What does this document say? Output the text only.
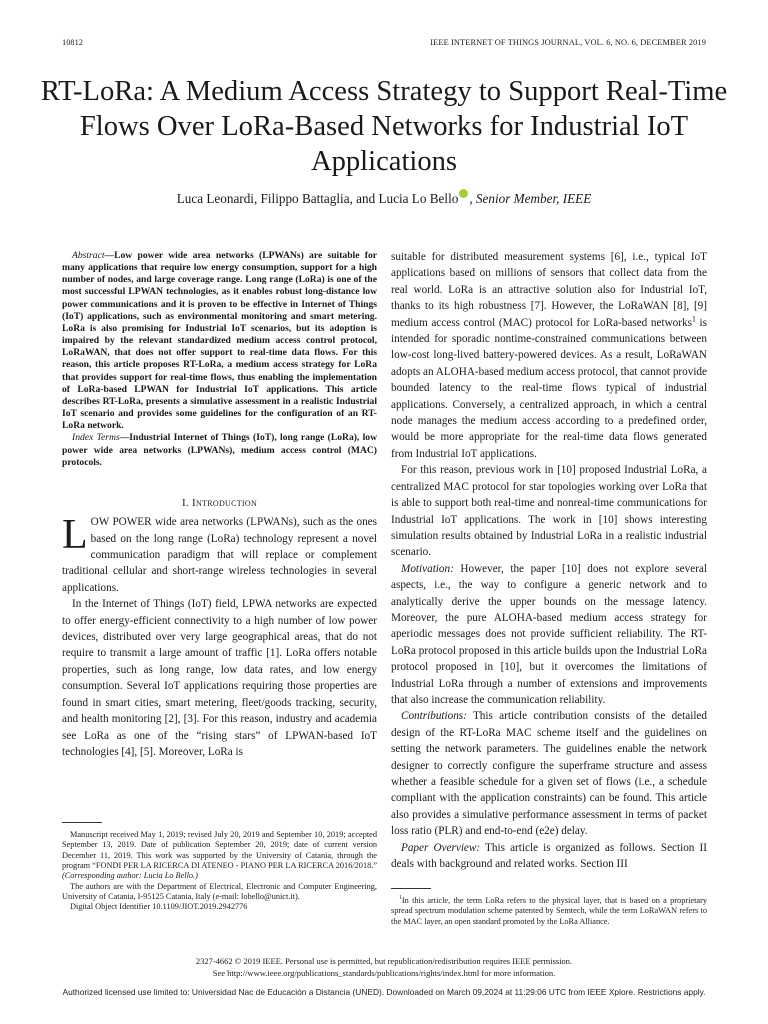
10812	IEEE INTERNET OF THINGS JOURNAL, VOL. 6, NO. 6, DECEMBER 2019
RT-LoRa: A Medium Access Strategy to Support Real-Time Flows Over LoRa-Based Networks for Industrial IoT Applications
Luca Leonardi, Filippo Battaglia, and Lucia Lo Bello , Senior Member, IEEE

Abstract—Low power wide area networks (LPWANs) are suitable for many applications that require low energy consumption, support for a high number of nodes, and large coverage range. Long range (LoRa) is one of the most successful LPWAN technologies, as it enables robust long-distance low power communications and it is proven to be effective in Internet of Things (IoT) applications, such as environmental monitoring and smart metering. LoRa is also promising for Industrial IoT scenarios, but its adoption is impaired by the relevant standardized medium access control protocol, LoRaWAN, that does not offer support to real-time data flows. For this reason, this article proposes RT-LoRa, a medium access strategy for LoRa that provides support for real-time flows, thus enabling the implementation of LoRa-based LPWAN for Industrial IoT applications. This article describes RT-LoRa, presents a simulative assessment in a realistic Industrial IoT scenario and provides some guidelines for the configuration of an RT-LoRa network.

Index Terms—Industrial Internet of Things (IoT), long range (LoRa), low power wide area networks (LPWANs), medium access control (MAC) protocols.

I. Introduction

LOW POWER wide area networks (LPWANs), such as the ones based on the long range (LoRa) technology represent a novel communication paradigm that will replace or complement traditional cellular and short-range wireless technologies in several applications.

In the Internet of Things (IoT) field, LPWA networks are expected to offer energy-efficient connectivity to a high number of low power devices, distributed over very large geographical areas, that do not require to transmit a large amount of traffic [1]. LoRa offers notable properties, such as long range, low data rates, and low energy consumption. Several IoT applications requiring those properties are found in smart cities, smart metering, fleet/goods tracking, security, and health monitoring [2], [3]. For this reason, industry and academia see LoRa as one of the “rising stars” of LPWAN-based IoT technologies [4], [5]. Moreover, LoRa is

Manuscript received May 1, 2019; revised July 20, 2019 and September 10, 2019; accepted September 13, 2019. Date of publication September 20, 2019; date of current version December 11, 2019. This work was supported by the University of Catania, through the program “FONDI PER LA RICERCA DI ATENEO - PIANO PER LA RICERCA 2016/2018.” (Corresponding author: Lucia Lo Bello.)

The authors are with the Department of Electrical, Electronic and Computer Engineering, University of Catania, I-95125 Catania, Italy (e-mail: lobello@unict.it).

Digital Object Identifier 10.1109/JIOT.2019.2942776

suitable for distributed measurement systems [6], i.e., typical IoT applications based on millions of sensors that collect data from the real world. LoRa is an attractive solution also for Industrial IoT, thanks to its high robustness [7]. However, the LoRaWAN [8], [9] medium access control (MAC) protocol for LoRa-based networks$^1$ is intended for sporadic nontime-constrained communications between low-cost long-lived battery-powered devices. As a result, LoRaWAN adopts an ALOHA-based medium access protocol, that cannot provide bounded latency to the real-time flows typical of industrial applications. Conversely, a centralized approach, in which a central node manages the medium access according to a predefined order, would be more appropriate for the real-time data flows generated from Industrial IoT applications.

For this reason, previous work in [10] proposed Industrial LoRa, a centralized MAC protocol for star topologies working over LoRa that is able to support both real-time and nonreal-time communications for Industrial IoT applications. The work in [10] shows interesting simulation results obtained by Industrial LoRa in a realistic industrial scenario.

Motivation: However, the paper [10] does not explore several aspects, i.e., the way to configure a generic network and to analytically derive the upper bounds on the message latency. Moreover, the pure ALOHA-based medium access strategy for aperiodic messages does not provide sufficient reliability. The RT-LoRa protocol proposed in this article builds upon the Industrial LoRa protocol proposed in [10], but it overcomes the limitations of Industrial LoRa through a number of extensions and improvements that also increase the communication reliability.

Contributions: This article contribution consists of the detailed design of the RT-LoRa MAC scheme itself and the guidelines on setting the network parameters. The guidelines enable the network designer to correctly configure the superframe structure and assess whether a feasible schedule for a given set of flows (i.e., a schedule compliant with the application constraints) can be found. This article also provides a simulative performance assessment in terms of packet loss ratio (PLR) and end-to-end (e2e) delay.

Paper Overview: This article is organized as follows. Section II deals with background and related works. Section III

$^1$In this article, the term LoRa refers to the physical layer, that is based on a proprietary spread spectrum modulation scheme patented by Semtech, while the term LoRaWAN refers to the MAC layer, an open standard promoted by the LoRa Alliance.
2327-4662 © 2019 IEEE. Personal use is permitted, but republication/redistribution requires IEEE permission.
See http://www.ieee.org/publications_standards/publications/rights/index.html for more information.
Authorized licensed use limited to: Universidad Nac de Educación a Distancia (UNED). Downloaded on March 09,2024 at 11:29:06 UTC from IEEE Xplore. Restrictions apply.
